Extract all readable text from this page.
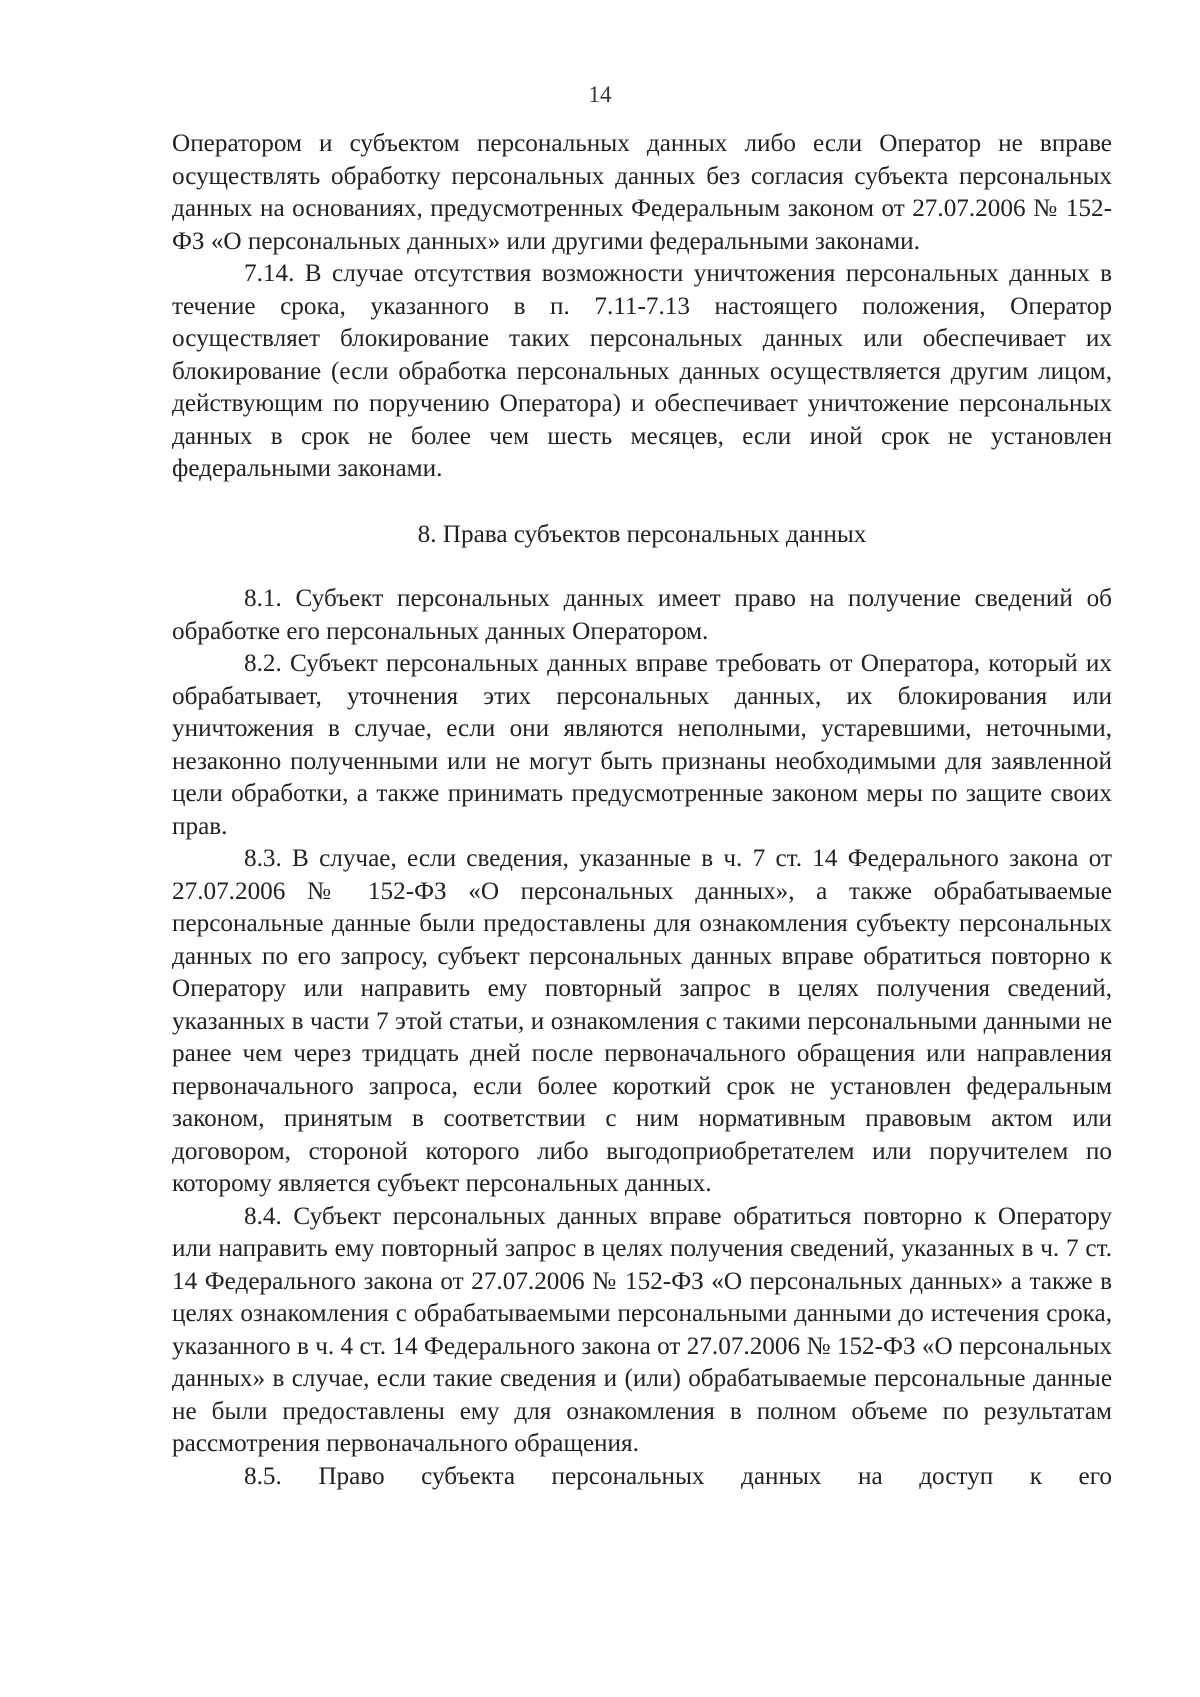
14

Оператором и субъектом персональных данных либо если Оператор не вправе осуществлять обработку персональных данных без согласия субъекта персональных данных на основаниях, предусмотренных Федеральным законом от 27.07.2006 № 152-ФЗ «О персональных данных» или другими федеральными законами.

7.14. В случае отсутствия возможности уничтожения персональных данных в течение срока, указанного в п. 7.11-7.13 настоящего положения, Оператор осуществляет блокирование таких персональных данных или обеспечивает их блокирование (если обработка персональных данных осуществляется другим лицом, действующим по поручению Оператора) и обеспечивает уничтожение персональных данных в срок не более чем шесть месяцев, если иной срок не установлен федеральными законами.

8. Права субъектов персональных данных

8.1. Субъект персональных данных имеет право на получение сведений об обработке его персональных данных Оператором.

8.2. Субъект персональных данных вправе требовать от Оператора, который их обрабатывает, уточнения этих персональных данных, их блокирования или уничтожения в случае, если они являются неполными, устаревшими, неточными, незаконно полученными или не могут быть признаны необходимыми для заявленной цели обработки, а также принимать предусмотренные законом меры по защите своих прав.

8.3. В случае, если сведения, указанные в ч. 7 ст. 14 Федерального закона от 27.07.2006 № 152-ФЗ «О персональных данных», а также обрабатываемые персональные данные были предоставлены для ознакомления субъекту персональных данных по его запросу, субъект персональных данных вправе обратиться повторно к Оператору или направить ему повторный запрос в целях получения сведений, указанных в части 7 этой статьи, и ознакомления с такими персональными данными не ранее чем через тридцать дней после первоначального обращения или направления первоначального запроса, если более короткий срок не установлен федеральным законом, принятым в соответствии с ним нормативным правовым актом или договором, стороной которого либо выгодоприобретателем или поручителем по которому является субъект персональных данных.

8.4. Субъект персональных данных вправе обратиться повторно к Оператору или направить ему повторный запрос в целях получения сведений, указанных в ч. 7 ст. 14 Федерального закона от 27.07.2006 № 152-ФЗ «О персональных данных» а также в целях ознакомления с обрабатываемыми персональными данными до истечения срока, указанного в ч. 4 ст. 14 Федерального закона от 27.07.2006 № 152-ФЗ «О персональных данных» в случае, если такие сведения и (или) обрабатываемые персональные данные не были предоставлены ему для ознакомления в полном объеме по результатам рассмотрения первоначального обращения.

8.5. Право субъекта персональных данных на доступ к его
